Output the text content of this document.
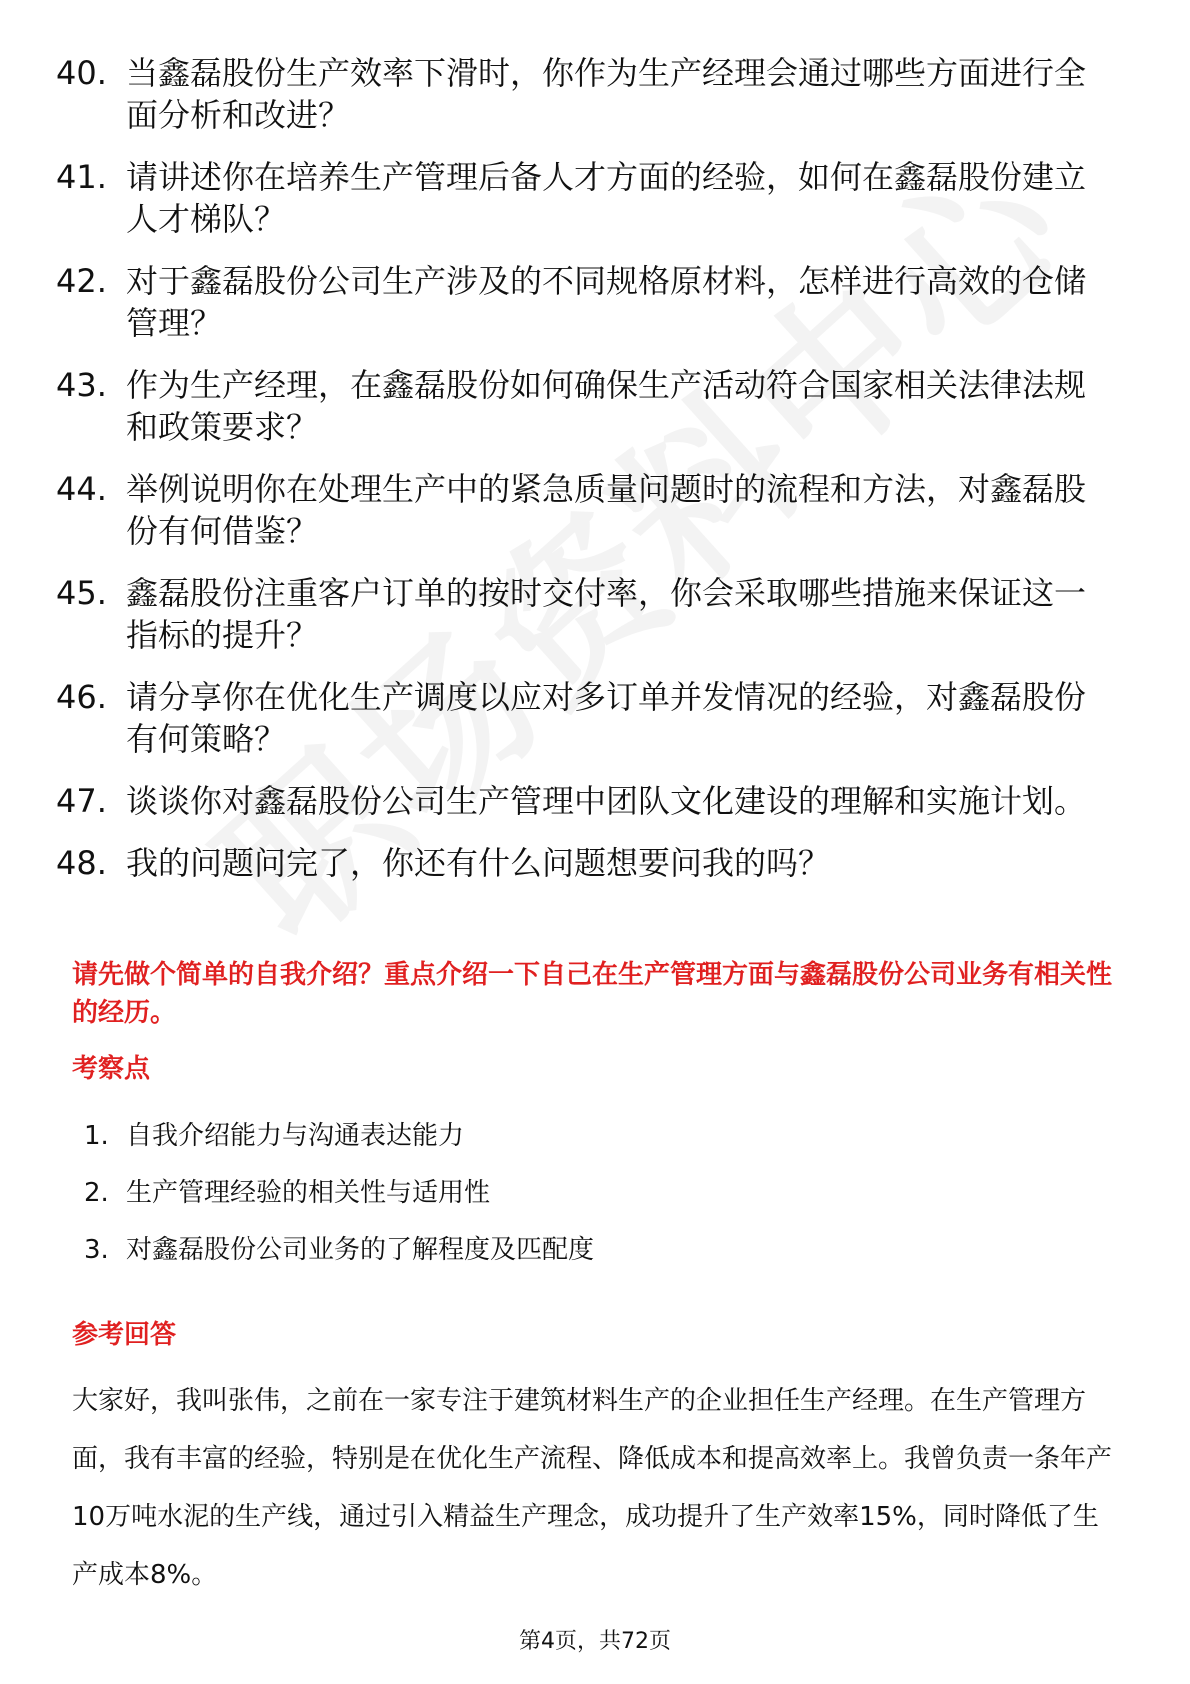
40. 当鑫磊股份生产效率下滑时，你作为生产经理会通过哪些方面进行全面分析和改进？
41. 请讲述你在培养生产管理后备人才方面的经验，如何在鑫磊股份建立人才梯队？
42. 对于鑫磊股份公司生产涉及的不同规格原材料，怎样进行高效的仓储管理？
43. 作为生产经理，在鑫磊股份如何确保生产活动符合国家相关法律法规和政策要求？
44. 举例说明你在处理生产中的紧急质量问题时的流程和方法，对鑫磊股份有何借鉴？
45. 鑫磊股份注重客户订单的按时交付率，你会采取哪些措施来保证这一指标的提升？
46. 请分享你在优化生产调度以应对多订单并发情况的经验，对鑫磊股份有何策略？
47. 谈谈你对鑫磊股份公司生产管理中团队文化建设的理解和实施计划。
48. 我的问题问完了，你还有什么问题想要问我的吗？
请先做个简单的自我介绍？重点介绍一下自己在生产管理方面与鑫磊股份公司业务有相关性的经历。
考察点
1. 自我介绍能力与沟通表达能力
2. 生产管理经验的相关性与适用性
3. 对鑫磊股份公司业务的了解程度及匹配度
参考回答

大家好，我叫张伟，之前在一家专注于建筑材料生产的企业担任生产经理。在生产管理方面，我有丰富的经验，特别是在优化生产流程、降低成本和提高效率上。我曾负责一条年产10万吨水泥的生产线，通过引入精益生产理念，成功提升了生产效率15%，同时降低了生产成本8%。

第4页，共72页
